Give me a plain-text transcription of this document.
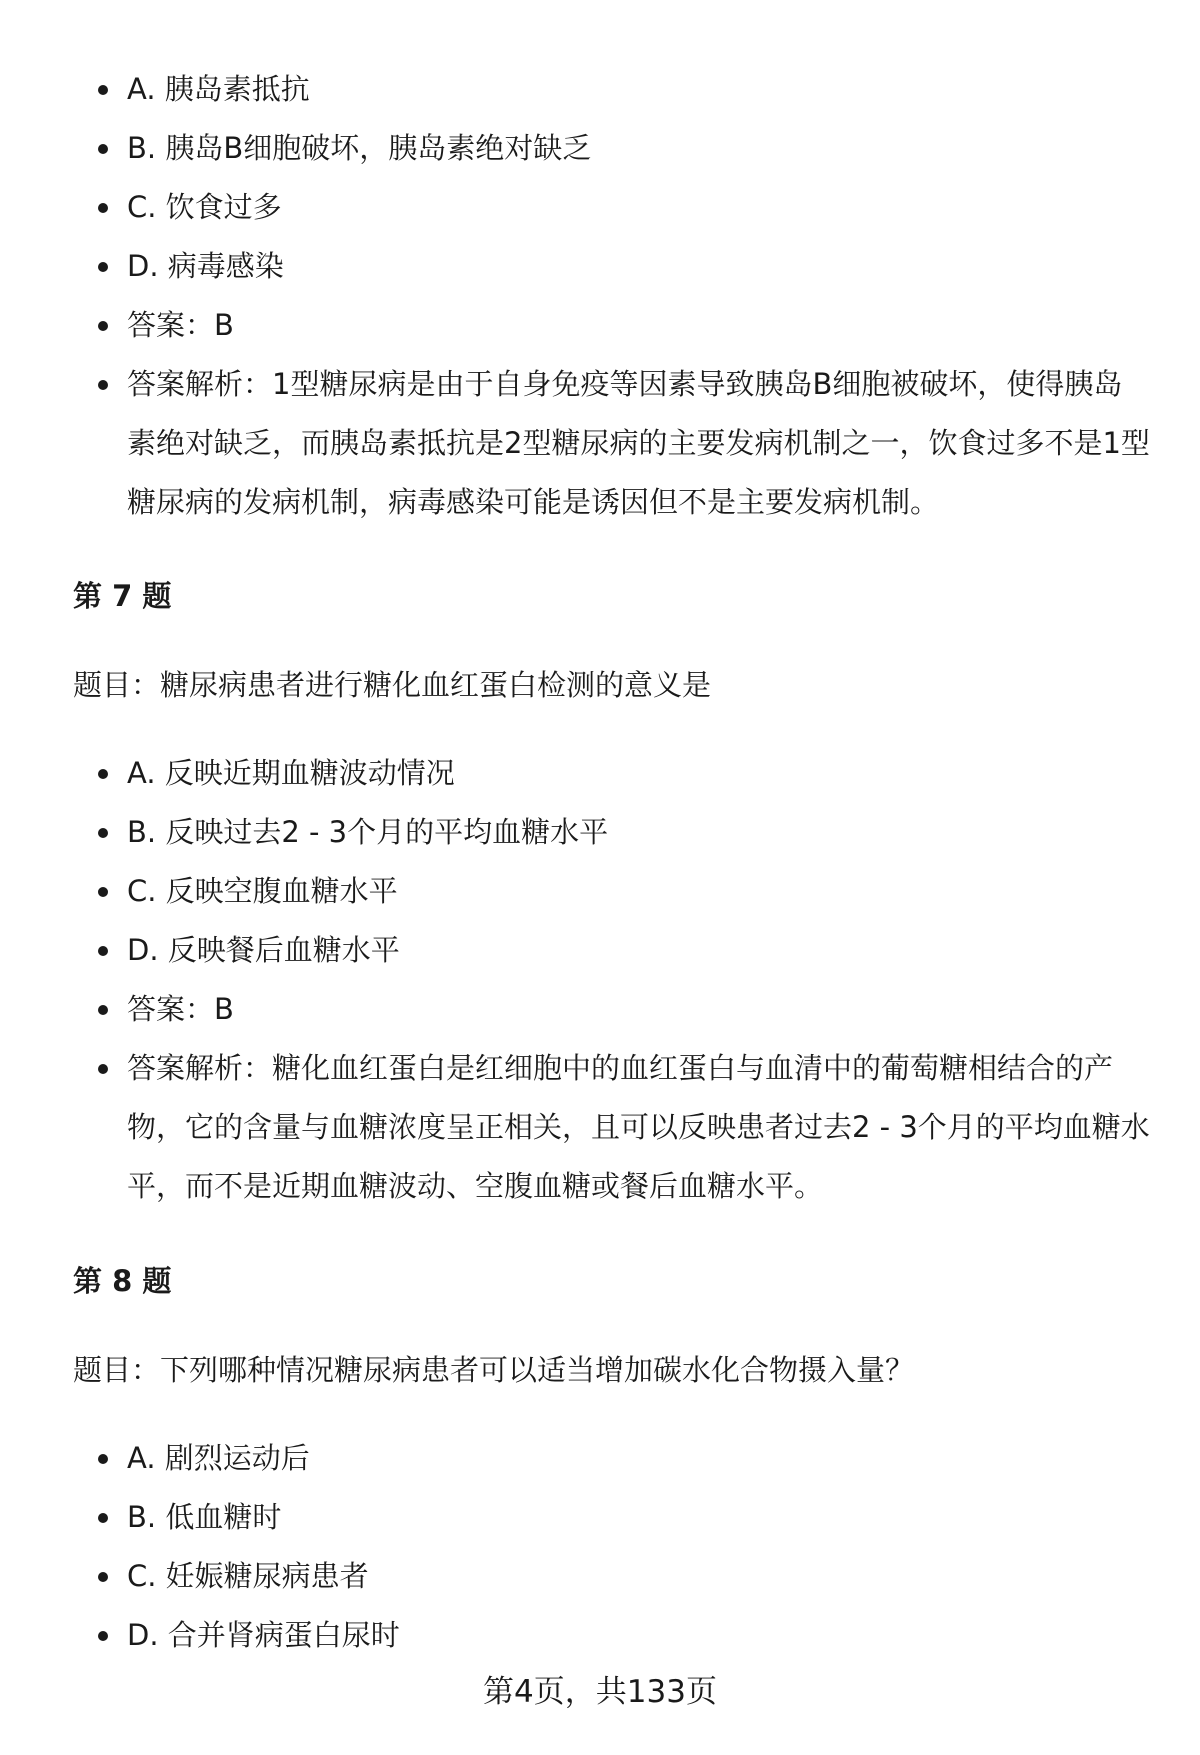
A. 胰岛素抵抗
B. 胰岛B细胞破坏，胰岛素绝对缺乏
C. 饮食过多
D. 病毒感染
答案：B
答案解析：1型糖尿病是由于自身免疫等因素导致胰岛B细胞被破坏，使得胰岛素绝对缺乏，而胰岛素抵抗是2型糖尿病的主要发病机制之一，饮食过多不是1型糖尿病的发病机制，病毒感染可能是诱因但不是主要发病机制。
第 7 题
题目：糖尿病患者进行糖化血红蛋白检测的意义是
A. 反映近期血糖波动情况
B. 反映过去2 - 3个月的平均血糖水平
C. 反映空腹血糖水平
D. 反映餐后血糖水平
答案：B
答案解析：糖化血红蛋白是红细胞中的血红蛋白与血清中的葡萄糖相结合的产物，它的含量与血糖浓度呈正相关，且可以反映患者过去2 - 3个月的平均血糖水平，而不是近期血糖波动、空腹血糖或餐后血糖水平。
第 8 题
题目：下列哪种情况糖尿病患者可以适当增加碳水化合物摄入量？
A. 剧烈运动后
B. 低血糖时
C. 妊娠糖尿病患者
D. 合并肾病蛋白尿时
第4页，共133页
